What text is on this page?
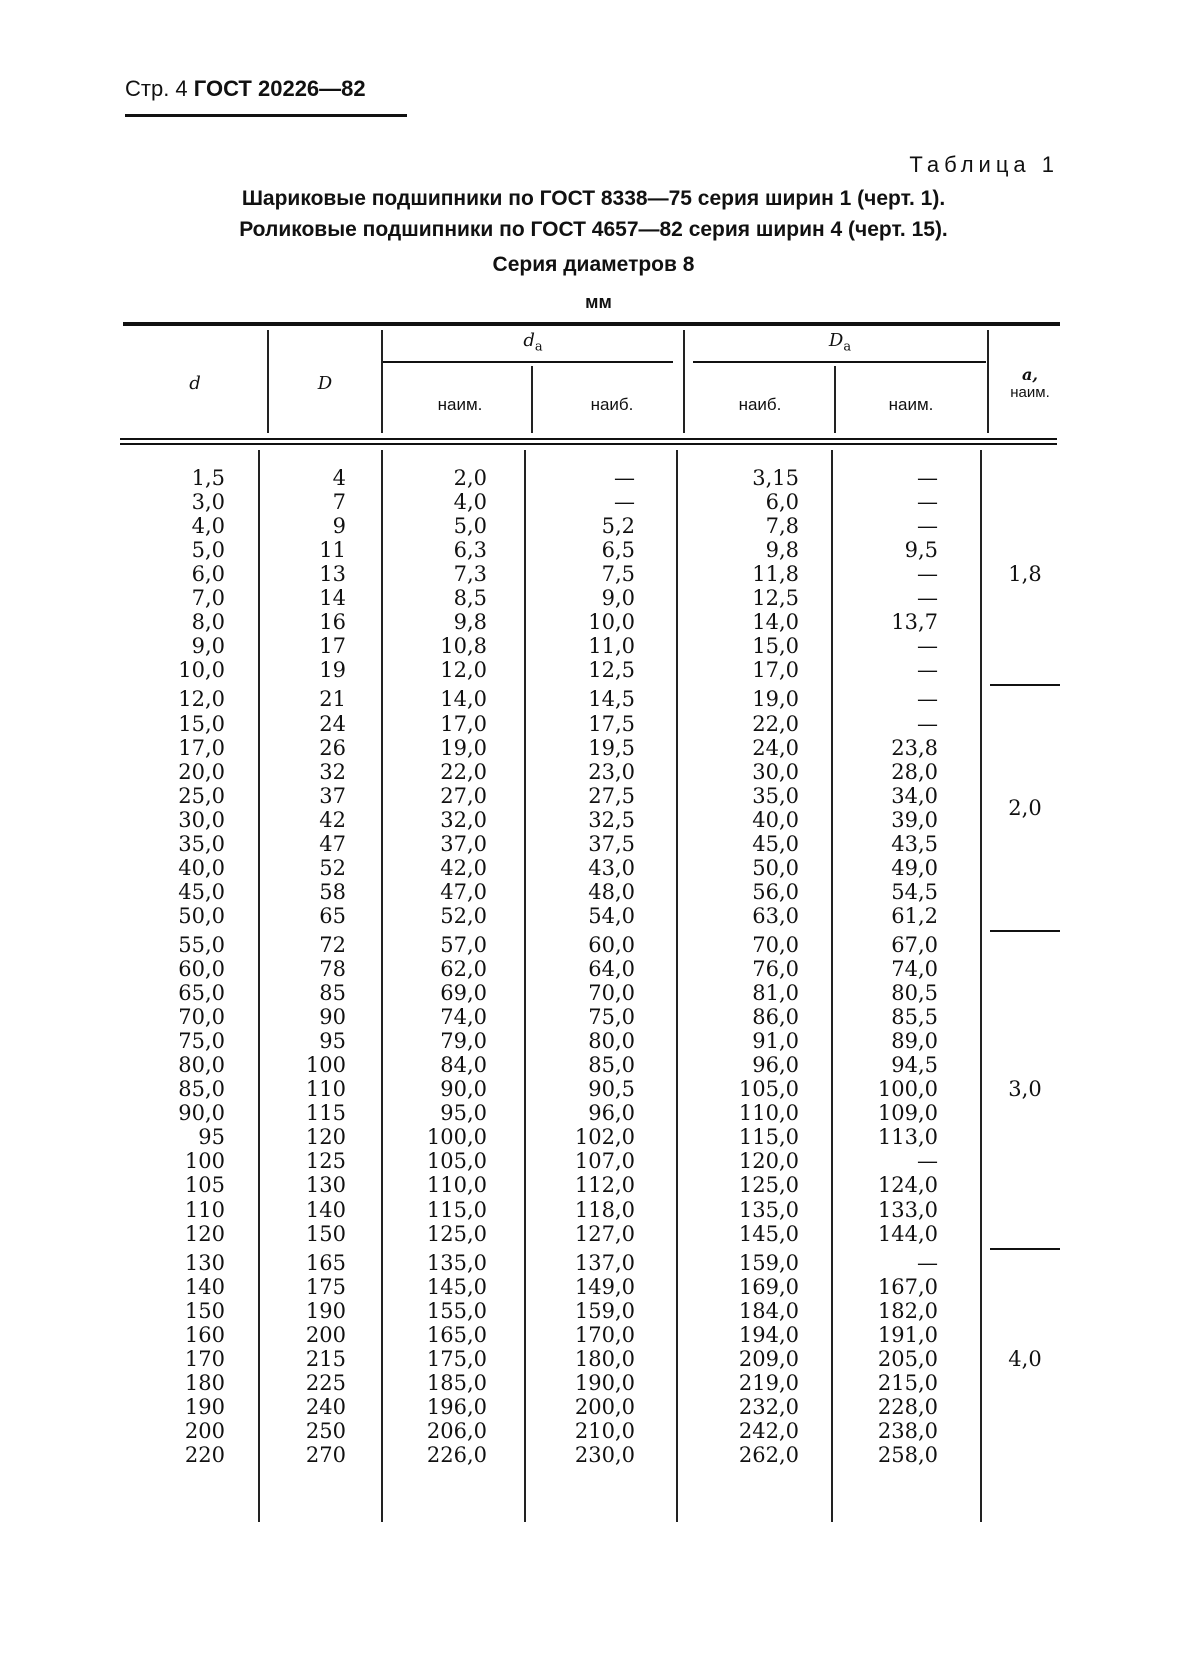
Стр. 4 ГОСТ 20226—82
Таблица 1
Шариковые подшипники по ГОСТ 8338—75 серия ширин 1 (черт. 1).
Роликовые подшипники по ГОСТ 4657—82 серия ширин 4 (черт. 15).
Серия диаметров 8
мм
d	D
$d_a$	$D_a$
наим.	наиб.	наиб.	наим.
a,
наим.
1,5	4	2,0	—	3,15	—
3,0	7	4,0	—	6,0	—
4,0	9	5,0	5,2	7,8	—
5,0	11	6,3	6,5	9,8	9,5
6,0	13	7,3	7,5	11,8	—
7,0	14	8,5	9,0	12,5	—
8,0	16	9,8	10,0	14,0	13,7
9,0	17	10,8	11,0	15,0	—
10,0	19	12,0	12,5	17,0	—
1,8
12,0	21	14,0	14,5	19,0	—
15,0	24	17,0	17,5	22,0	—
17,0	26	19,0	19,5	24,0	23,8
20,0	32	22,0	23,0	30,0	28,0
25,0	37	27,0	27,5	35,0	34,0
30,0	42	32,0	32,5	40,0	39,0
35,0	47	37,0	37,5	45,0	43,5
40,0	52	42,0	43,0	50,0	49,0
45,0	58	47,0	48,0	56,0	54,5
50,0	65	52,0	54,0	63,0	61,2
2,0
55,0	72	57,0	60,0	70,0	67,0
60,0	78	62,0	64,0	76,0	74,0
65,0	85	69,0	70,0	81,0	80,5
70,0	90	74,0	75,0	86,0	85,5
75,0	95	79,0	80,0	91,0	89,0
80,0	100	84,0	85,0	96,0	94,5
85,0	110	90,0	90,5	105,0	100,0
90,0	115	95,0	96,0	110,0	109,0
95	120	100,0	102,0	115,0	113,0
100	125	105,0	107,0	120,0	—
105	130	110,0	112,0	125,0	124,0
110	140	115,0	118,0	135,0	133,0
120	150	125,0	127,0	145,0	144,0
3,0
130	165	135,0	137,0	159,0	—
140	175	145,0	149,0	169,0	167,0
150	190	155,0	159,0	184,0	182,0
160	200	165,0	170,0	194,0	191,0
170	215	175,0	180,0	209,0	205,0
180	225	185,0	190,0	219,0	215,0
190	240	196,0	200,0	232,0	228,0
200	250	206,0	210,0	242,0	238,0
220	270	226,0	230,0	262,0	258,0
4,0
